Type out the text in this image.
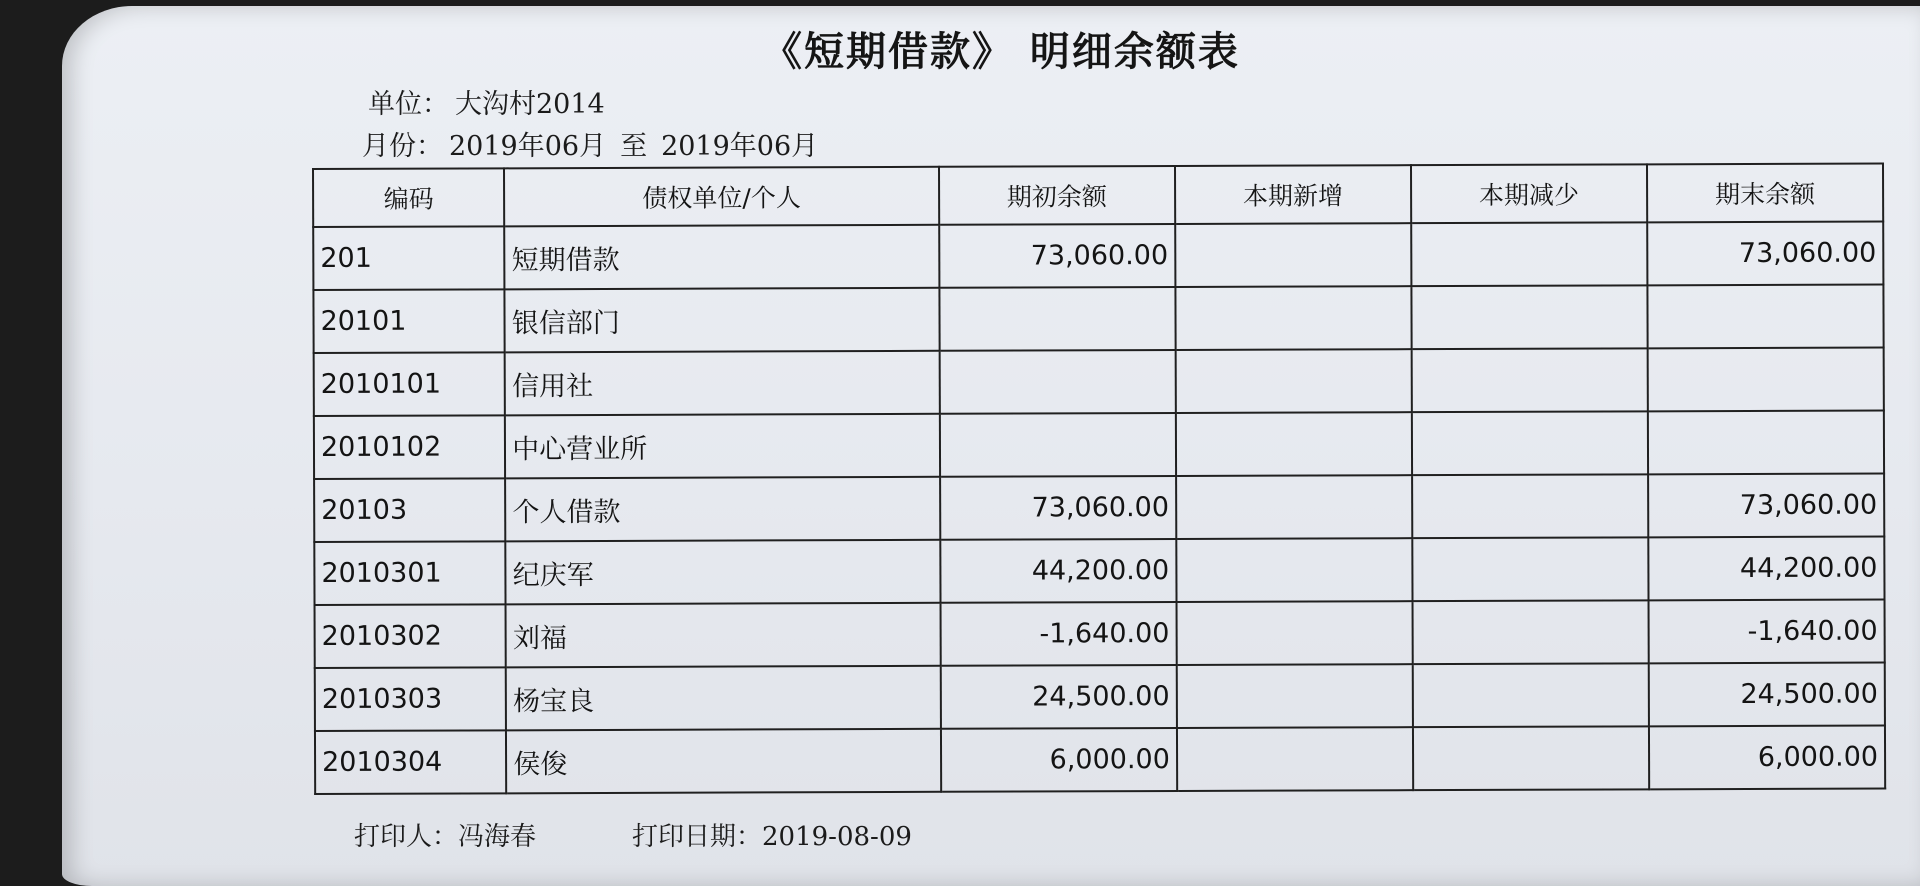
《短期借款》 明细余额表
单位： 大沟村2014
月份： 2019年06月 至 2019年06月
编码	债权单位/个人	期初余额	本期新增	本期减少	期末余额
201	短期借款	73,060.00			73,060.00
20101	银信部门				
2010101	信用社				
2010102	中心营业所				
20103	个人借款	73,060.00			73,060.00
2010301	纪庆军	44,200.00			44,200.00
2010302	刘福	-1,640.00			-1,640.00
2010303	杨宝良	24,500.00			24,500.00
2010304	侯俊	6,000.00			6,000.00
打印人：冯海春	打印日期：2019-08-09
